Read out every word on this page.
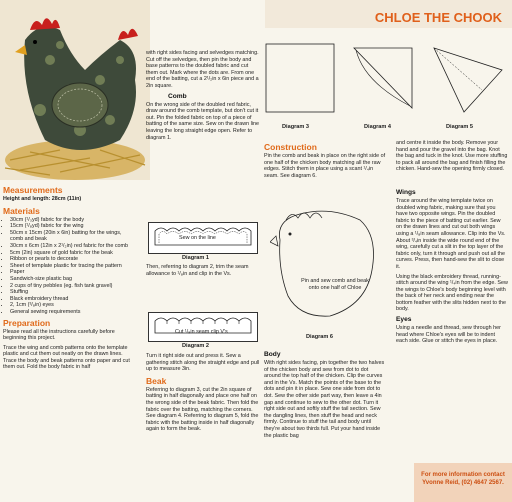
Measurements

Height and length: 28cm (11in)

Materials
• 30cm (¹/₃yd) fabric for the body
• 15cm (¹/₈yd) fabric for the wing
• 50cm x 15cm (20in x 6in) batting for the wings, comb and beak
• 30cm x 6cm (12in x 2¹/₂in) red fabric for the comb
• 5cm (2in) square of gold fabric for the beak
• Ribbon or pearls to decorate
• Sheet of template plastic for tracing the pattern
• Paper
• Sandwich-size plastic bag
• 2 cups of tiny pebbles (eg. fish tank gravel)
• Stuffing
• Black embroidery thread
• 2, 1cm (³/₈in) eyes
• General sewing requirements
Preparation

Please read all the instructions carefully before beginning this project.

Trace the wing and comb patterns onto the template plastic and cut them out neatly on the drawn lines. Trace the body and beak patterns onto paper and cut them out. Fold the body fabric in half

with right sides facing and selvedges matching. Cut off the selvedges, then pin the body and base patterns to the doubled fabric and cut them out. Mark where the dots are. From one end of the batting, cut a 2¹/₂in x 6in piece and a 2in square.

Comb

On the wrong side of the doubled red fabric, draw around the comb template, but don't cut it out. Pin the folded fabric on top of a piece of batting of the same size. Sew on the drawn line leaving the long straight edge open. Refer to diagram 1.

Sew on the line
Diagram 1

Then, referring to diagram 2, trim the seam allowance to ¹/₈in and clip in the Vs.

Cut ¹/₈in seam clip V's
Diagram 2

Turn it right side out and press it. Sew a gathering stitch along the straight edge and pull up to measure 3in.

Beak

Referring to diagram 3, cut the 2in square of batting in half diagonally and place one half on the wrong side of the beak fabric. Then fold the fabric over the batting, matching the corners. See diagram 4. Referring to diagram 5, fold the fabric with the batting inside in half diagonally again to form the beak.

CHLOE THE CHOOK
Diagram 3	Diagram 4	Diagram 5
Construction

Pin the comb and beak in place on the right side of one half of the chicken body matching all the raw edges. Stitch them in place using a scant ¹/₄in seam. See diagram 6.

Pin and sew comb and beak onto one half of Chloe
Diagram 6
Body

With right sides facing, pin together the two halves of the chicken body and sew from dot to dot around the top half of the chicken. Clip the curves and in the Vs. Match the points of the base to the dots and pin it in place. Sew one side from dot to dot. Sew the other side part way, then leave a 4in gap and continue to sew to the other dot. Turn it right side out and softly stuff the tail section. Sew the dangling lines, then stuff the head and neck firmly. Continue to stuff the tail and body until they're about two thirds full. Put your hand inside the plastic bag

and centre it inside the body. Remove your hand and pour the gravel into the bag. Knot the bag and tuck in the knot. Use more stuffing to pack all around the bag and finish filling the chicken. Hand-sew the opening firmly closed.

Wings

Trace around the wing template twice on doubled wing fabric, making sure that you have two opposite wings. Pin the doubled fabric to the piece of batting cut earlier. Sew on the drawn lines and cut out both wings using a ¹/₈in seam allowance. Clip into the Vs. About ³/₄in inside the wide round end of the wing, carefully cut a slit in the top layer of the fabric only, turn it through and push out all the curves. Press, then hand-sew the slit to close it.

Using the black embroidery thread, running-stitch around the wing ¹/₄in from the edge. Sew the wings to Chloe's body beginning level with the back of her neck and ending near the bottom feather with the slits hidden next to the body.

Eyes

Using a needle and thread, sew through her head where Chloe's eyes will be to indent each side. Glue or stitch the eyes in place.

For more information contact
Yvonne Reid, (02) 4647 2567.
